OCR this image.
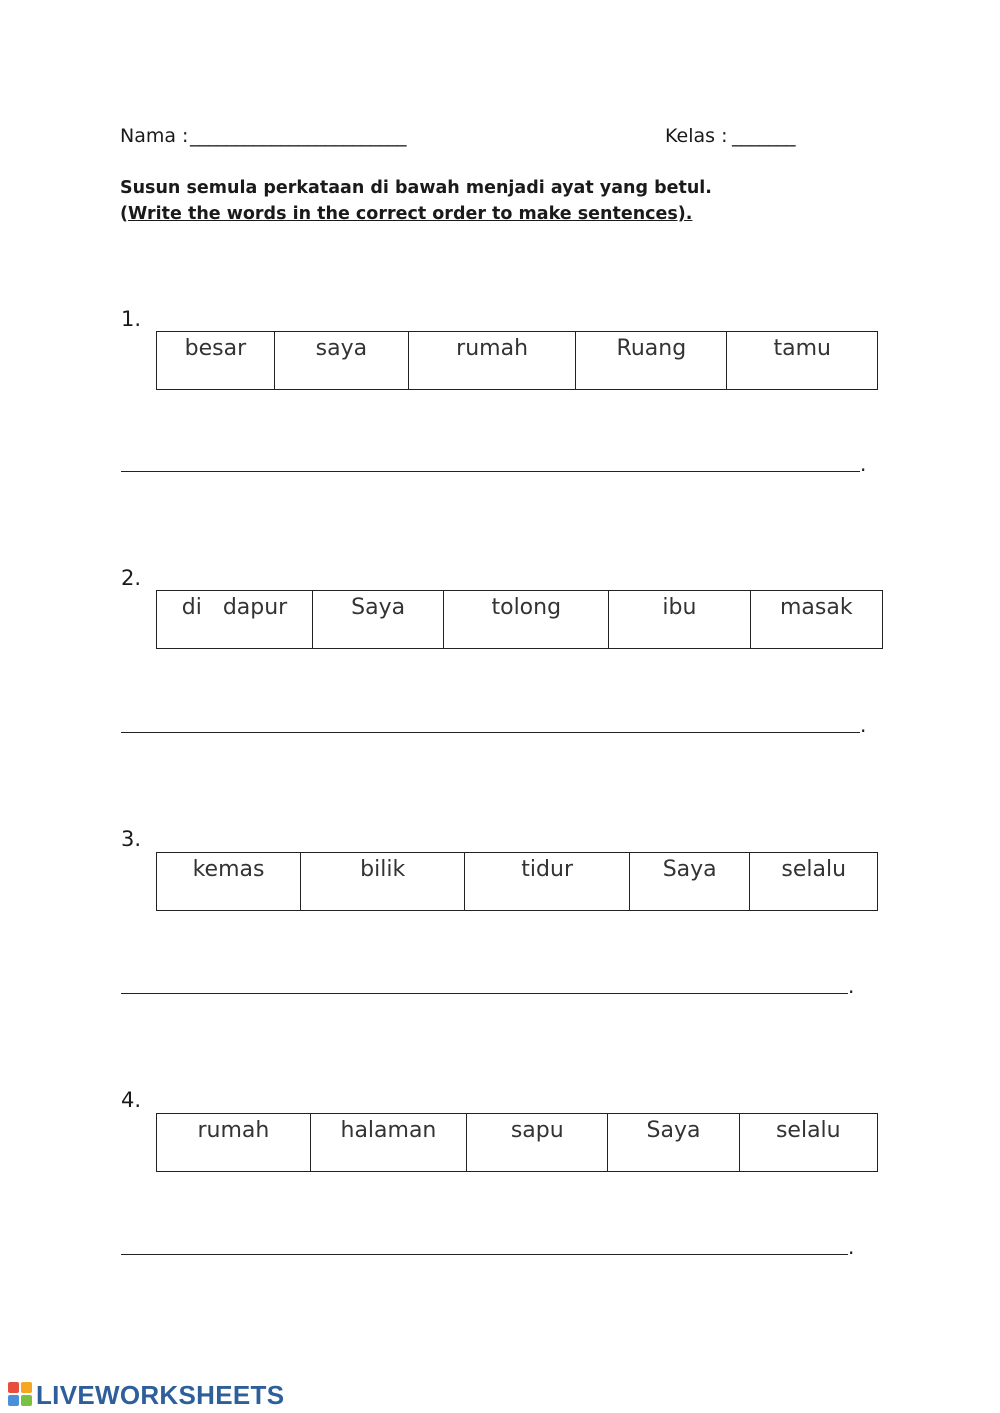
Nama : ________________________	Kelas : _______
Susun semula perkataan di bawah menjadi ayat yang betul.
(Write the words in the correct order to make sentences).
1.
besar	saya	rumah	Ruang	tamu
.
2.
di   dapur	Saya	tolong	ibu	masak
.
3.
kemas	bilik	tidur	Saya	selalu
.
4.
rumah	halaman	sapu	Saya	selalu
.
LIVEWORKSHEETS
